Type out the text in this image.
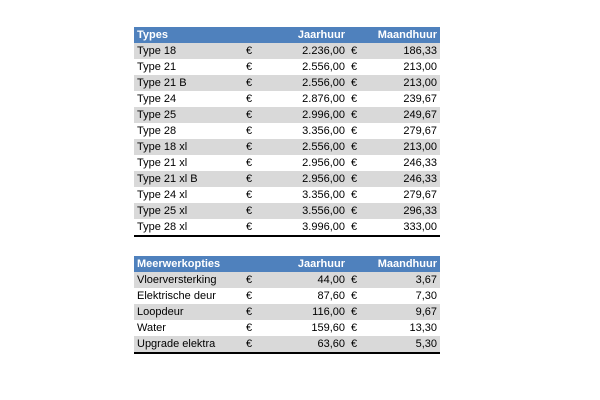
Types		Jaarhuur		Maandhuur
Type 18	€	2.236,00	€	186,33
Type 21	€	2.556,00	€	213,00
Type 21 B	€	2.556,00	€	213,00
Type 24	€	2.876,00	€	239,67
Type 25	€	2.996,00	€	249,67
Type 28	€	3.356,00	€	279,67
Type 18 xl	€	2.556,00	€	213,00
Type 21 xl	€	2.956,00	€	246,33
Type 21 xl B	€	2.956,00	€	246,33
Type 24 xl	€	3.356,00	€	279,67
Type 25 xl	€	3.556,00	€	296,33
Type 28 xl	€	3.996,00	€	333,00
Meerwerkopties		Jaarhuur		Maandhuur
Vloerversterking	€	44,00	€	3,67
Elektrische deur	€	87,60	€	7,30
Loopdeur	€	116,00	€	9,67
Water	€	159,60	€	13,30
Upgrade elektra	€	63,60	€	5,30
